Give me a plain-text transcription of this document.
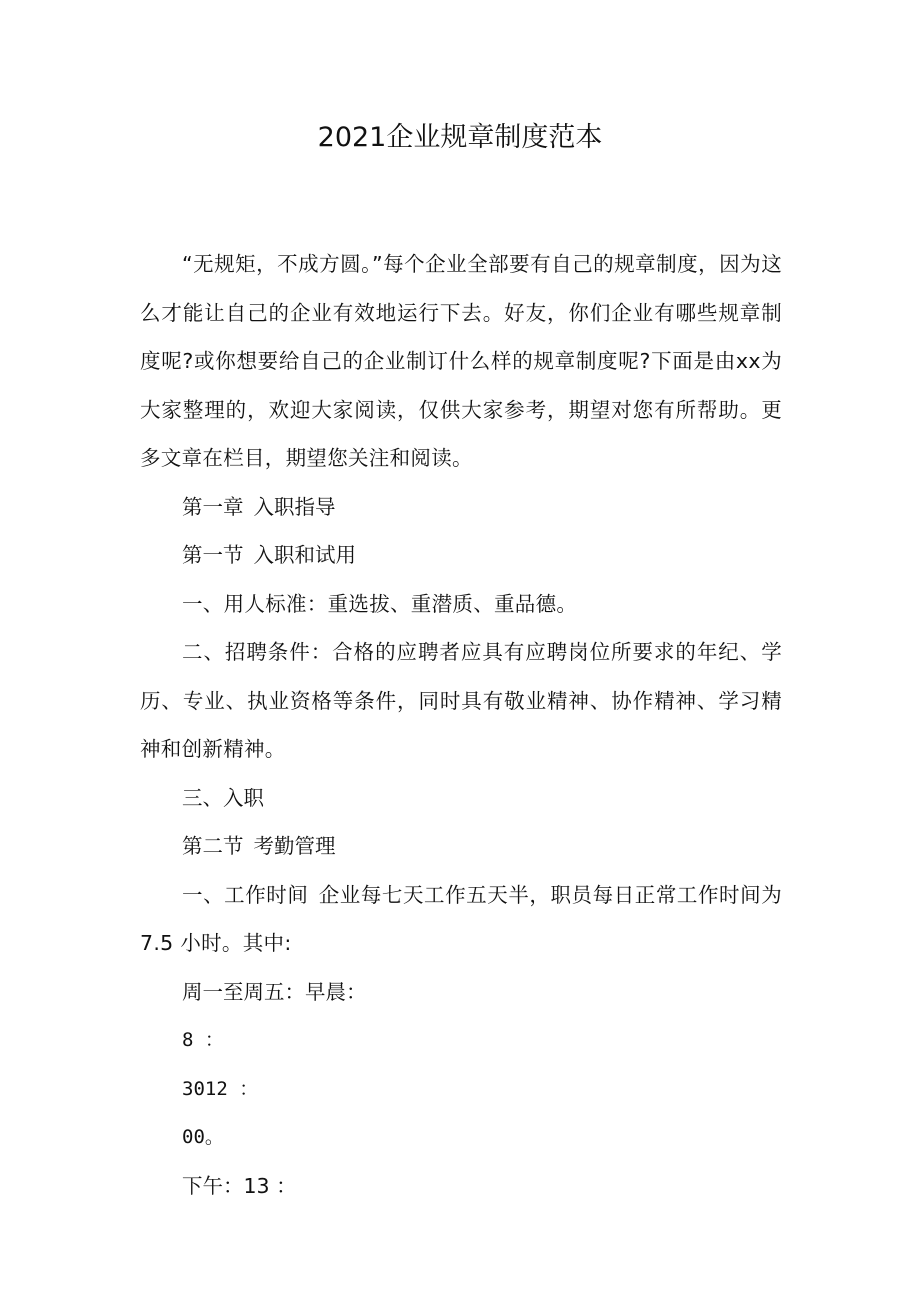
2021企业规章制度范本

“无规矩，不成方圆。”每个企业全部要有自己的规章制度，因为这么才能让自己的企业有效地运行下去。好友，你们企业有哪些规章制度呢?或你想要给自己的企业制订什么样的规章制度呢?下面是由xx为大家整理的，欢迎大家阅读，仅供大家参考，期望对您有所帮助。更多文章在栏目，期望您关注和阅读。

第一章 入职指导

第一节 入职和试用

一、用人标准：重选拔、重潜质、重品德。

二、招聘条件：合格的应聘者应具有应聘岗位所要求的年纪、学历、专业、执业资格等条件，同时具有敬业精神、协作精神、学习精神和创新精神。

三、入职

第二节 考勤管理

一、工作时间 企业每七天工作五天半，职员每日正常工作时间为 7.5 小时。其中:

周一至周五：早晨：

8 ：

3012 ：

00。

下午：13 ：
